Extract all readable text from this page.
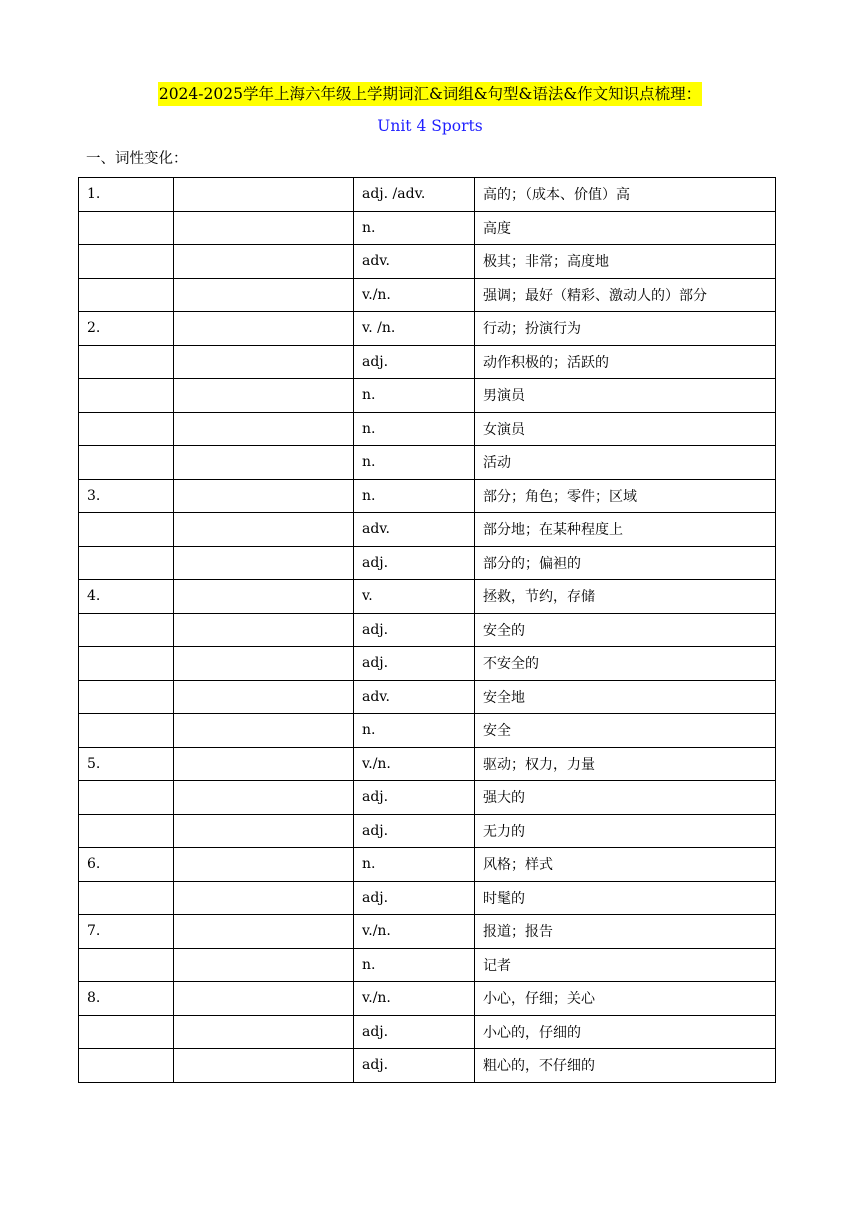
2024-2025学年上海六年级上学期词汇&词组&句型&语法&作文知识点梳理：
Unit 4 Sports
一、词性变化：
1.		adj. /adv.	高的；（成本、价值）高
		n.	高度
		adv.	极其；非常；高度地
		v./n.	强调；最好（精彩、激动人的）部分
2.		v. /n.	行动；扮演行为
		adj.	动作积极的；活跃的
		n.	男演员
		n.	女演员
		n.	活动
3.		n.	部分；角色；零件；区域
		adv.	部分地；在某种程度上
		adj.	部分的；偏袒的
4.		v.	拯救，节约，存储
		adj.	安全的
		adj.	不安全的
		adv.	安全地
		n.	安全
5.		v./n.	驱动；权力，力量
		adj.	强大的
		adj.	无力的
6.		n.	风格；样式
		adj.	时髦的
7.		v./n.	报道；报告
		n.	记者
8.		v./n.	小心，仔细；关心
		adj.	小心的，仔细的
		adj.	粗心的，不仔细的
